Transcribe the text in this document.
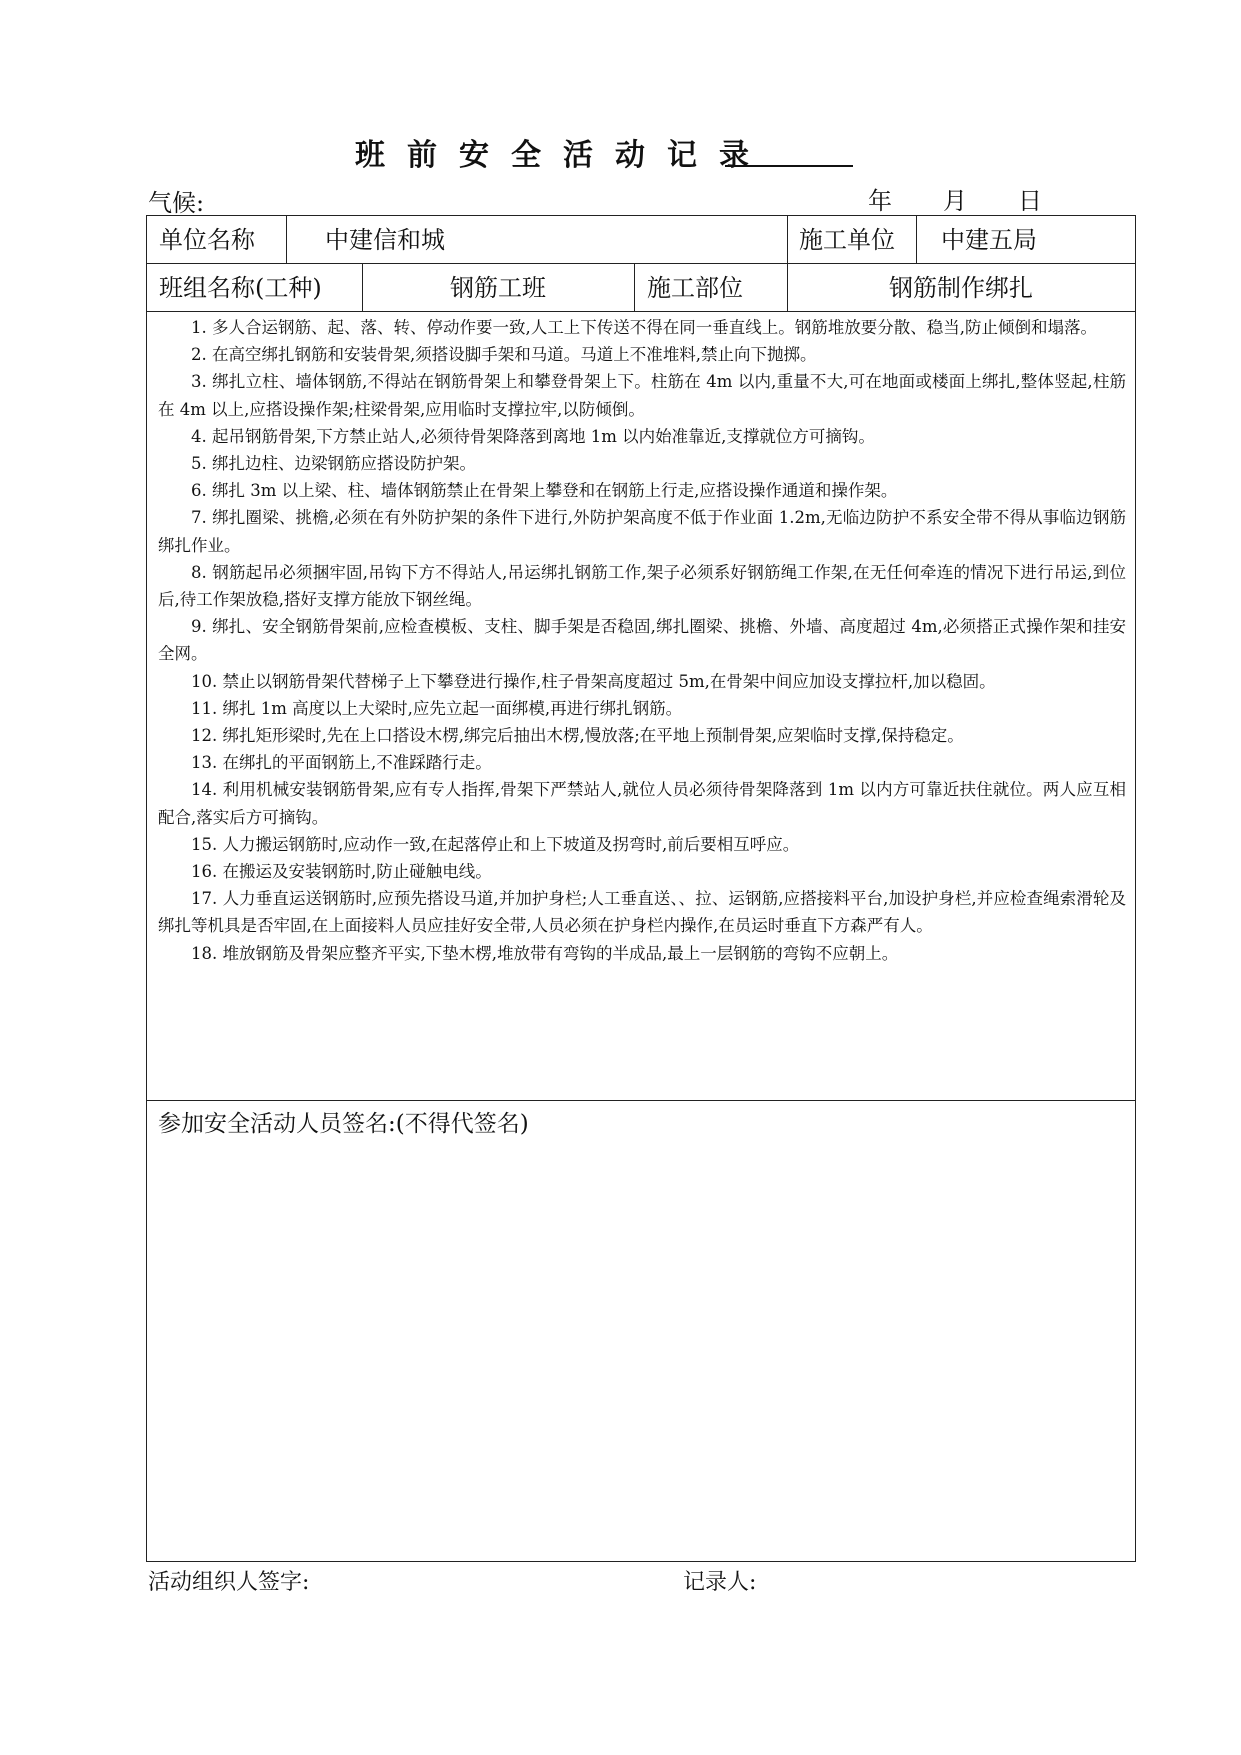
班前安全活动记录
气候:	年 月 日
单位名称	中建信和城	施工单位 中建五局
班组名称(工种)	钢筋工班	施工部位	钢筋制作绑扎

1. 多人合运钢筋、起、落、转、停动作要一致,人工上下传送不得在同一垂直线上。钢筋堆放要分散、稳当,防止倾倒和塌落。

2. 在高空绑扎钢筋和安装骨架,须搭设脚手架和马道。马道上不准堆料,禁止向下抛掷。

3. 绑扎立柱、墙体钢筋,不得站在钢筋骨架上和攀登骨架上下。柱筋在 4m 以内,重量不大,可在地面或楼面上绑扎,整体竖起,柱筋在 4m 以上,应搭设操作架;柱梁骨架,应用临时支撑拉牢,以防倾倒。

4. 起吊钢筋骨架,下方禁止站人,必须待骨架降落到离地 1m 以内始准靠近,支撑就位方可摘钩。

5. 绑扎边柱、边梁钢筋应搭设防护架。

6. 绑扎 3m 以上梁、柱、墙体钢筋禁止在骨架上攀登和在钢筋上行走,应搭设操作通道和操作架。

7. 绑扎圈梁、挑檐,必须在有外防护架的条件下进行,外防护架高度不低于作业面 1.2m,无临边防护不系安全带不得从事临边钢筋绑扎作业。

8. 钢筋起吊必须捆牢固,吊钩下方不得站人,吊运绑扎钢筋工作,架子必须系好钢筋绳工作架,在无任何牵连的情况下进行吊运,到位后,待工作架放稳,搭好支撑方能放下钢丝绳。

9. 绑扎、安全钢筋骨架前,应检查模板、支柱、脚手架是否稳固,绑扎圈梁、挑檐、外墙、高度超过 4m,必须搭正式操作架和挂安全网。

10. 禁止以钢筋骨架代替梯子上下攀登进行操作,柱子骨架高度超过 5m,在骨架中间应加设支撑拉杆,加以稳固。

11. 绑扎 1m 高度以上大梁时,应先立起一面绑模,再进行绑扎钢筋。

12. 绑扎矩形梁时,先在上口搭设木楞,绑完后抽出木楞,慢放落;在平地上预制骨架,应架临时支撑,保持稳定。

13. 在绑扎的平面钢筋上,不准踩踏行走。

14. 利用机械安装钢筋骨架,应有专人指挥,骨架下严禁站人,就位人员必须待骨架降落到 1m 以内方可靠近扶住就位。两人应互相配合,落实后方可摘钩。

15. 人力搬运钢筋时,应动作一致,在起落停止和上下坡道及拐弯时,前后要相互呼应。

16. 在搬运及安装钢筋时,防止碰触电线。

17. 人力垂直运送钢筋时,应预先搭设马道,并加护身栏;人工垂直送、、拉、运钢筋,应搭接料平台,加设护身栏,并应检查绳索滑轮及绑扎等机具是否牢固,在上面接料人员应挂好安全带,人员必须在护身栏内操作,在员运时垂直下方森严有人。

18. 堆放钢筋及骨架应整齐平实,下垫木楞,堆放带有弯钩的半成品,最上一层钢筋的弯钩不应朝上。

参加安全活动人员签名:(不得代签名)
活动组织人签字:	记录人:
